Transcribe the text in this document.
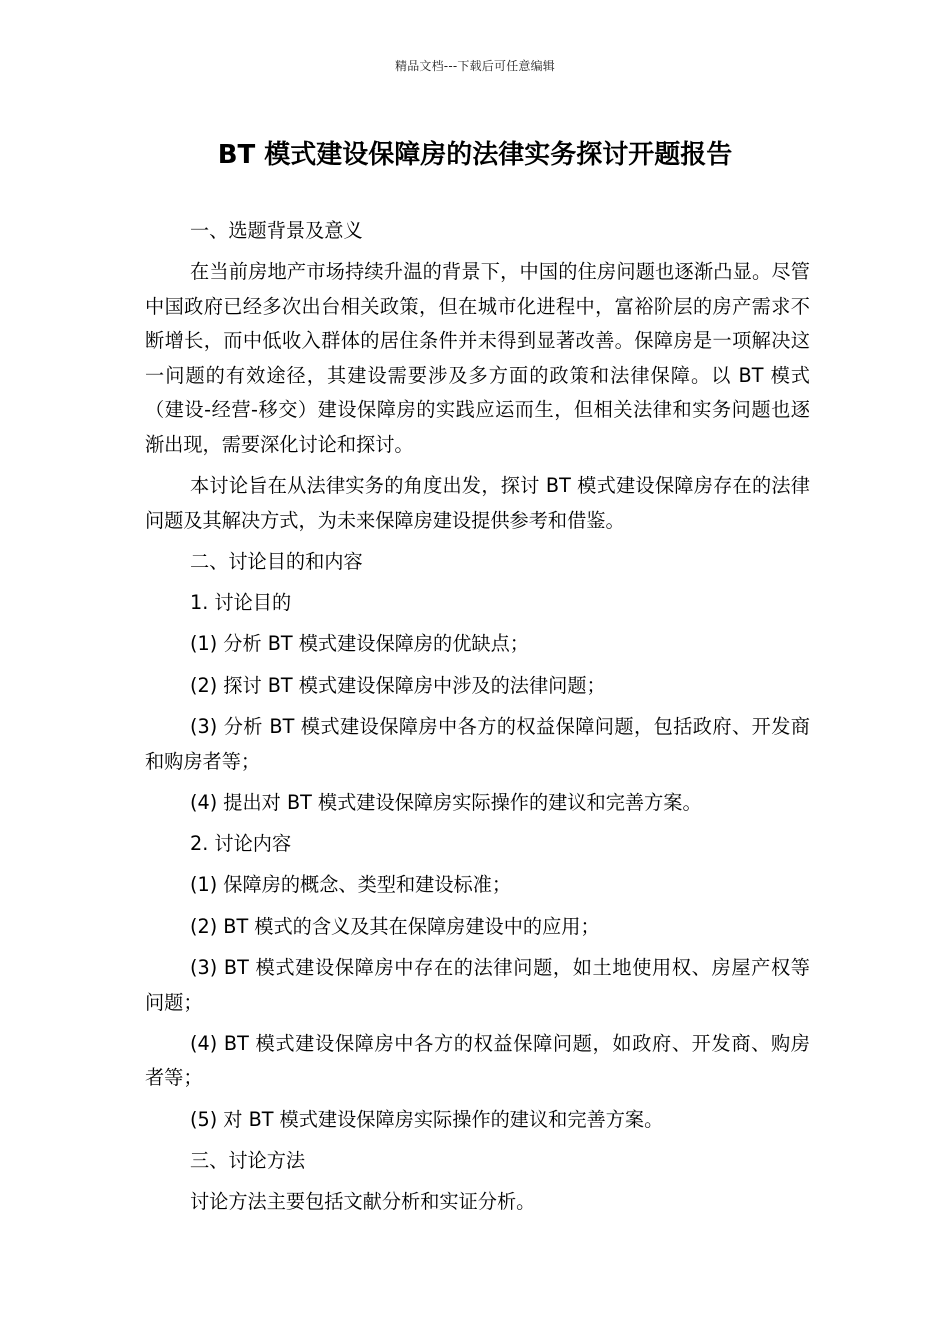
精品文档---下载后可任意编辑
BT 模式建设保障房的法律实务探讨开题报告

一、选题背景及意义

在当前房地产市场持续升温的背景下，中国的住房问题也逐渐凸显。尽管中国政府已经多次出台相关政策，但在城市化进程中，富裕阶层的房产需求不断增长，而中低收入群体的居住条件并未得到显著改善。保障房是一项解决这一问题的有效途径，其建设需要涉及多方面的政策和法律保障。以 BT 模式（建设-经营-移交）建设保障房的实践应运而生，但相关法律和实务问题也逐渐出现，需要深化讨论和探讨。

本讨论旨在从法律实务的角度出发，探讨 BT 模式建设保障房存在的法律问题及其解决方式，为未来保障房建设提供参考和借鉴。

二、讨论目的和内容

1. 讨论目的

(1) 分析 BT 模式建设保障房的优缺点；

(2) 探讨 BT 模式建设保障房中涉及的法律问题；

(3) 分析 BT 模式建设保障房中各方的权益保障问题，包括政府、开发商和购房者等；

(4) 提出对 BT 模式建设保障房实际操作的建议和完善方案。

2. 讨论内容

(1) 保障房的概念、类型和建设标准；

(2) BT 模式的含义及其在保障房建设中的应用；

(3) BT 模式建设保障房中存在的法律问题，如土地使用权、房屋产权等问题；

(4) BT 模式建设保障房中各方的权益保障问题，如政府、开发商、购房者等；

(5) 对 BT 模式建设保障房实际操作的建议和完善方案。

三、讨论方法

讨论方法主要包括文献分析和实证分析。
